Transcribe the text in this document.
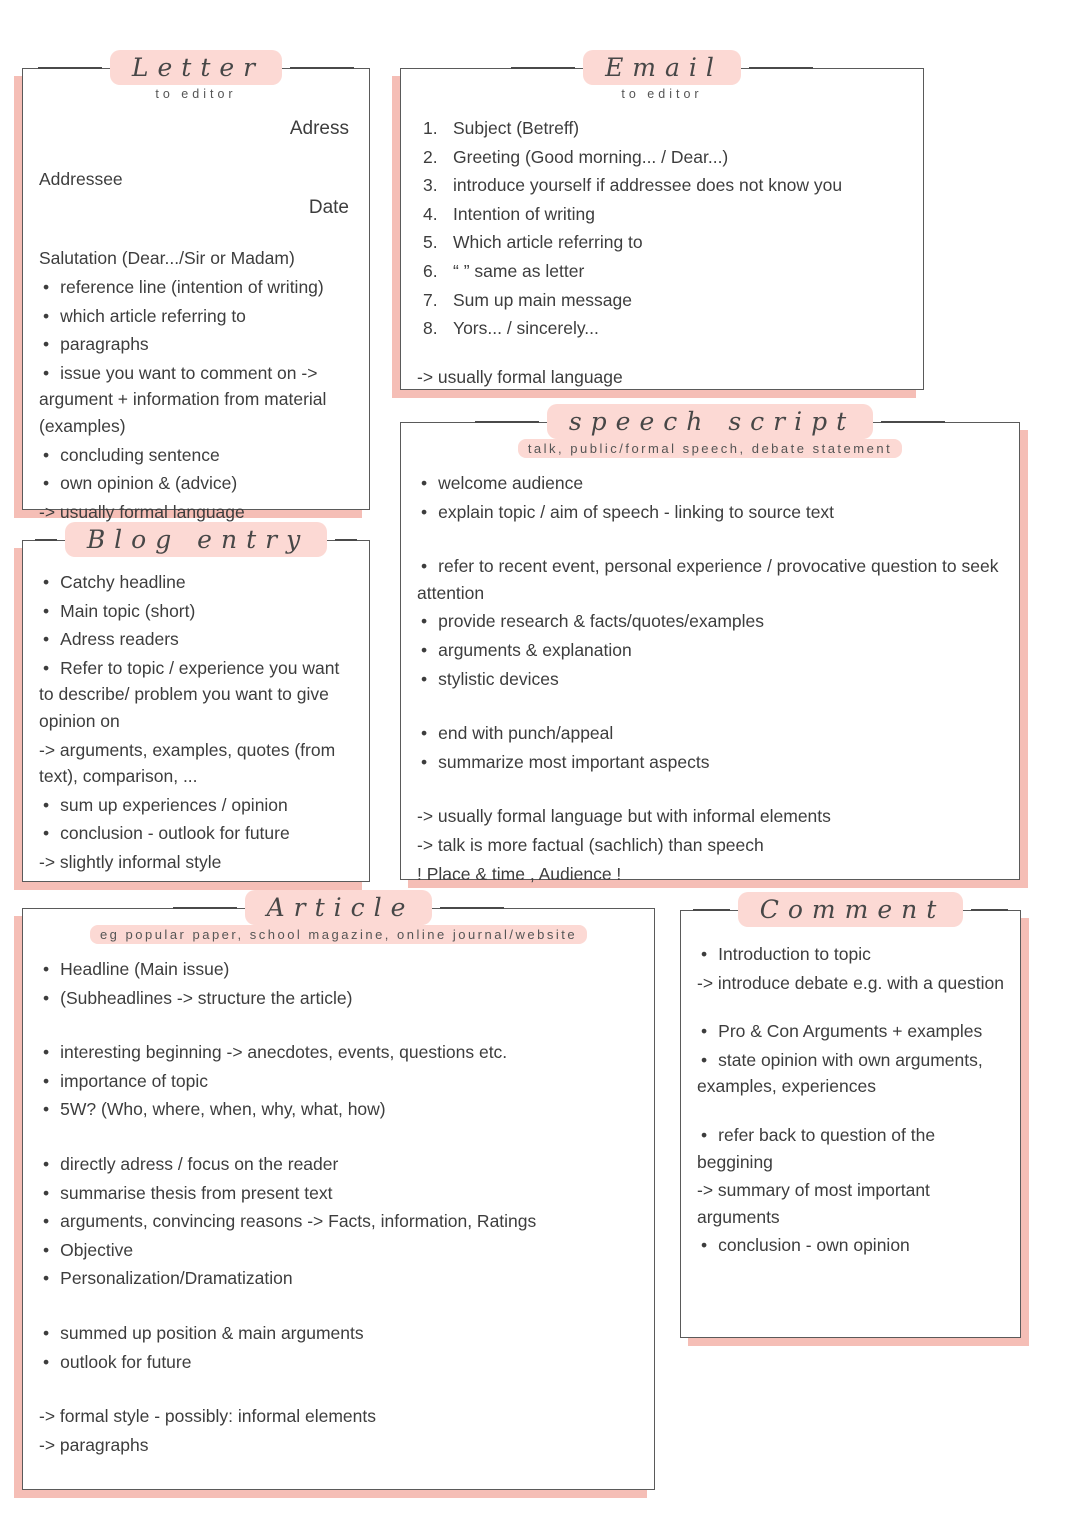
Letter
to editor
Adress
Addressee
Date
Salutation (Dear.../Sir or Madam)
• reference line (intention of writing)
• which article referring to
• paragraphs
• issue you want to comment on -> argument + information from material (examples)
• concluding sentence
• own opinion & (advice)
-> usually formal language
Email
to editor
1. Subject (Betreff)
2. Greeting (Good morning... / Dear...)
3. introduce yourself if addressee does not know you
4. Intention of writing
5. Which article referring to
6. “ ” same as letter
7. Sum up main message
8. Yors... / sincerely...
-> usually formal language
Blog entry
• Catchy headline
• Main topic (short)
• Adress readers
• Refer to topic / experience you want to describe/ problem you want to give opinion on
-> arguments, examples, quotes (from text), comparison, ...
• sum up experiences / opinion
• conclusion - outlook for future
-> slightly informal style
speech script
talk, public/formal speech, debate statement
• welcome audience
• explain topic / aim of speech - linking to source text
• refer to recent event, personal experience / provocative question to seek attention
• provide research & facts/quotes/examples
• arguments & explanation
• stylistic devices
• end with punch/appeal
• summarize most important aspects
-> usually formal language but with informal elements
-> talk is more factual (sachlich) than speech
! Place & time , Audience !
Article
eg popular paper, school magazine, online journal/website
• Headline (Main issue)
• (Subheadlines -> structure the article)
• interesting beginning -> anecdotes, events, questions etc.
• importance of topic
• 5W? (Who, where, when, why, what, how)
• directly adress / focus on the reader
• summarise thesis from present text
• arguments, convincing reasons -> Facts, information, Ratings
• Objective
• Personalization/Dramatization
• summed up position & main arguments
• outlook for future
-> formal style - possibly: informal elements
-> paragraphs
Comment
• Introduction to topic
-> introduce debate e.g. with a question
• Pro & Con Arguments + examples
• state opinion with own arguments, examples, experiences
• refer back to question of the beggining
-> summary of most important arguments
• conclusion - own opinion
